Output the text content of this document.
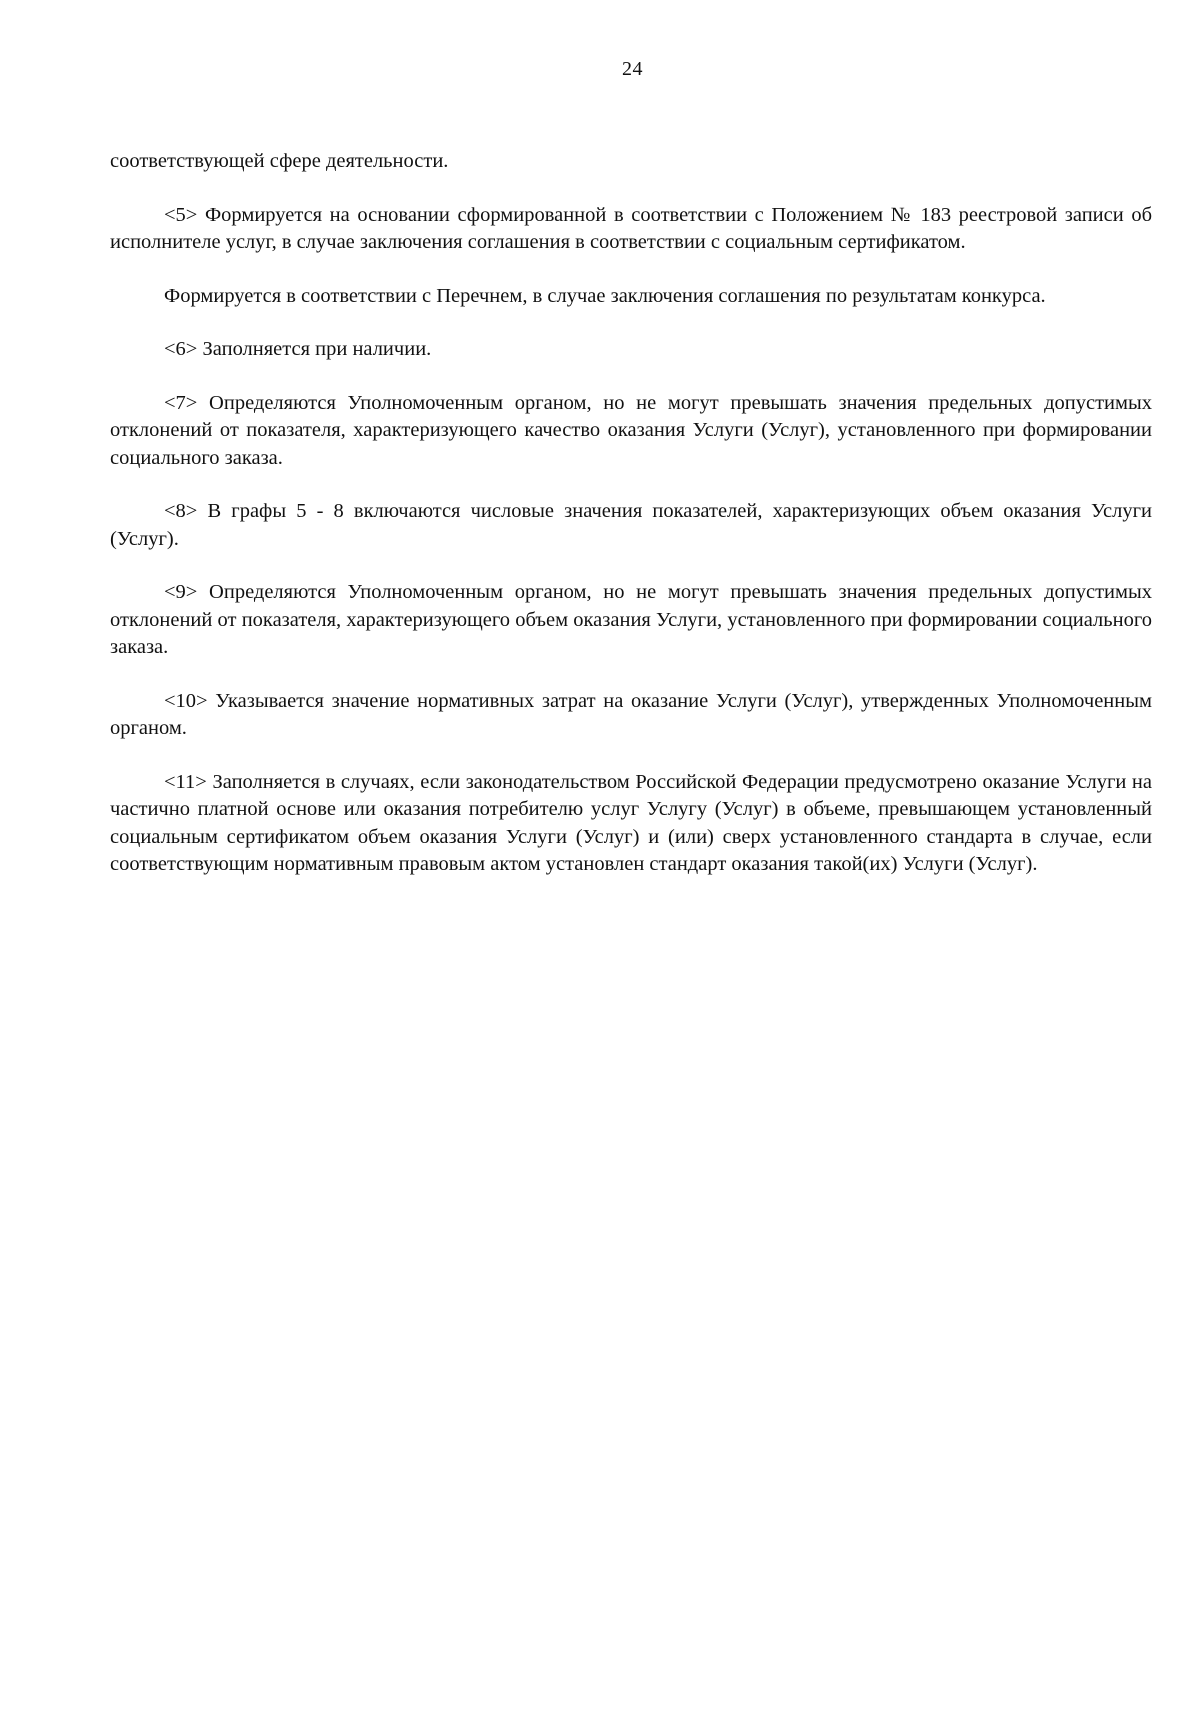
24

соответствующей сфере деятельности.

<5> Формируется на основании сформированной в соответствии с Положением № 183 реестровой записи об исполнителе услуг, в случае заключения соглашения в соответствии с социальным сертификатом.

Формируется в соответствии с Перечнем, в случае заключения соглашения по результатам конкурса.

<6> Заполняется при наличии.

<7> Определяются Уполномоченным органом, но не могут превышать значения предельных допустимых отклонений от показателя, характеризующего качество оказания Услуги (Услуг), установленного при формировании социального заказа.

<8> В графы 5 - 8 включаются числовые значения показателей, характеризующих объем оказания Услуги (Услуг).

<9> Определяются Уполномоченным органом, но не могут превышать значения предельных допустимых отклонений от показателя, характеризующего объем оказания Услуги, установленного при формировании социального заказа.

<10> Указывается значение нормативных затрат на оказание Услуги (Услуг), утвержденных Уполномоченным органом.

<11> Заполняется в случаях, если законодательством Российской Федерации предусмотрено оказание Услуги на частично платной основе или оказания потребителю услуг Услугу (Услуг) в объеме, превышающем установленный социальным сертификатом объем оказания Услуги (Услуг) и (или) сверх установленного стандарта в случае, если соответствующим нормативным правовым актом установлен стандарт оказания такой(их) Услуги (Услуг).
